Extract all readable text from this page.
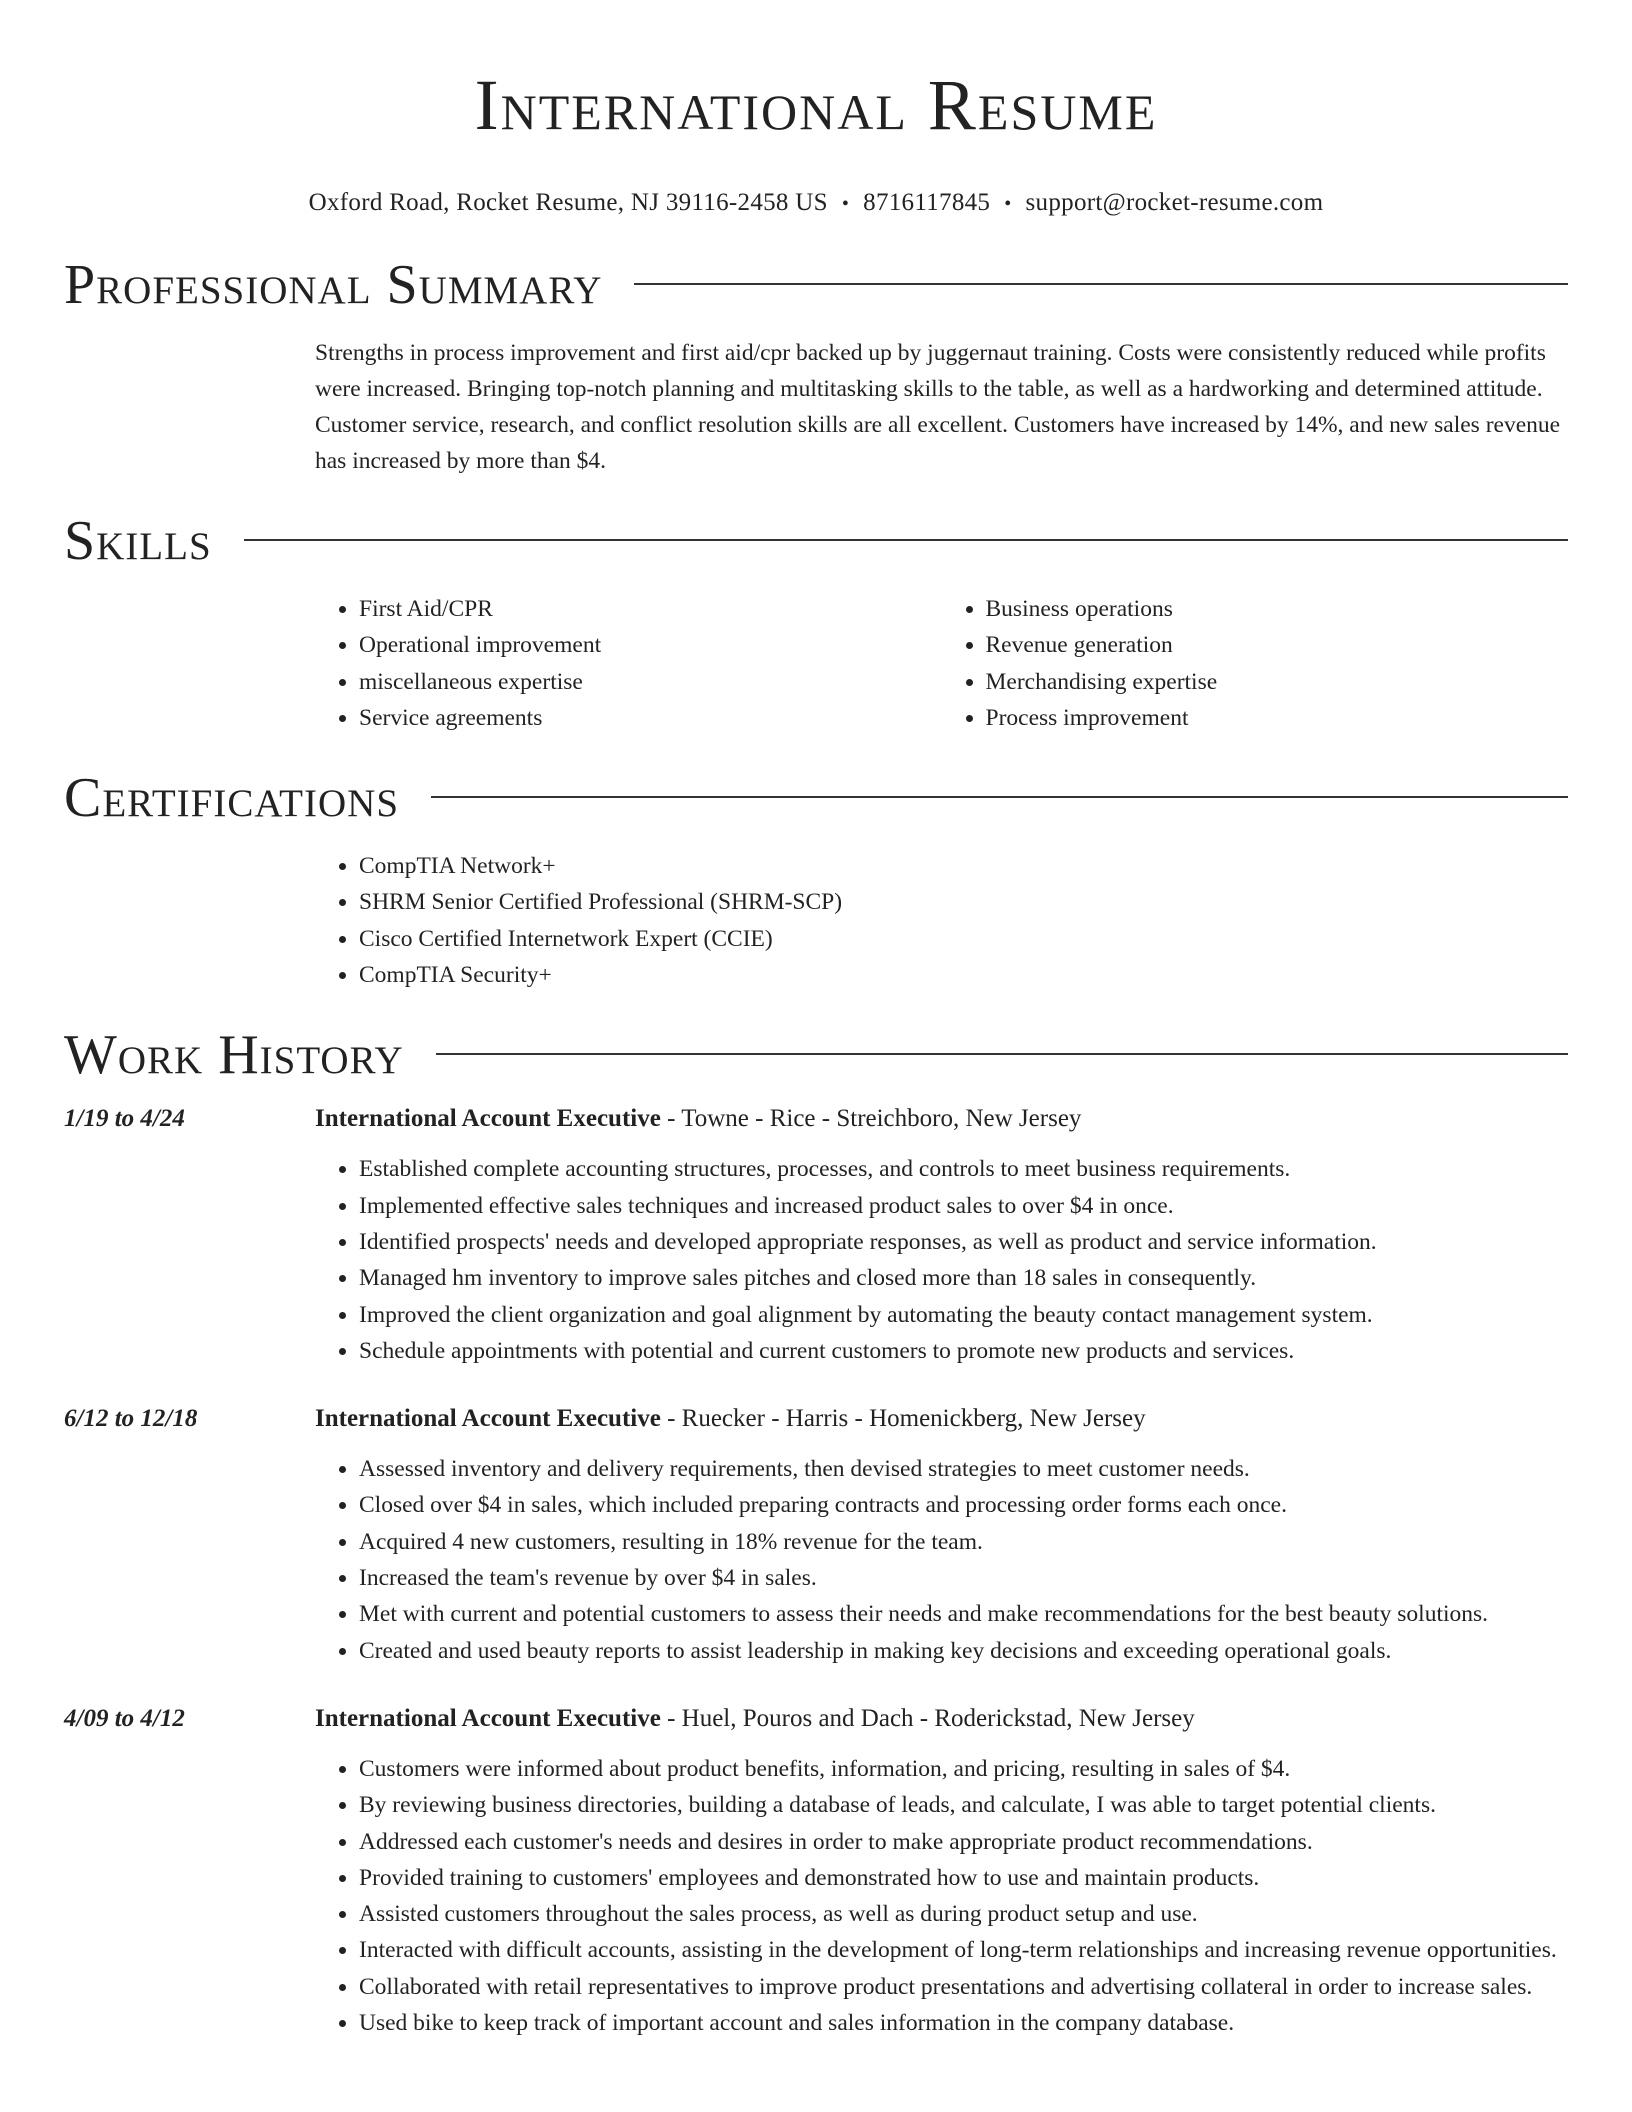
International Resume
Oxford Road, Rocket Resume, NJ 39116-2458 US • 8716117845 • support@rocket-resume.com
Professional Summary
Strengths in process improvement and first aid/cpr backed up by juggernaut training. Costs were consistently reduced while profits were increased. Bringing top-notch planning and multitasking skills to the table, as well as a hardworking and determined attitude. Customer service, research, and conflict resolution skills are all excellent. Customers have increased by 14%, and new sales revenue has increased by more than $4.
Skills
• First Aid/CPR
• Operational improvement
• miscellaneous expertise
• Service agreements
• Business operations
• Revenue generation
• Merchandising expertise
• Process improvement
Certifications
• CompTIA Network+
• SHRM Senior Certified Professional (SHRM-SCP)
• Cisco Certified Internetwork Expert (CCIE)
• CompTIA Security+
Work History
1/19 to 4/24	International Account Executive - Towne - Rice - Streichboro, New Jersey
• Established complete accounting structures, processes, and controls to meet business requirements.
• Implemented effective sales techniques and increased product sales to over $4 in once.
• Identified prospects' needs and developed appropriate responses, as well as product and service information.
• Managed hm inventory to improve sales pitches and closed more than 18 sales in consequently.
• Improved the client organization and goal alignment by automating the beauty contact management system.
• Schedule appointments with potential and current customers to promote new products and services.
6/12 to 12/18	International Account Executive - Ruecker - Harris - Homenickberg, New Jersey
• Assessed inventory and delivery requirements, then devised strategies to meet customer needs.
• Closed over $4 in sales, which included preparing contracts and processing order forms each once.
• Acquired 4 new customers, resulting in 18% revenue for the team.
• Increased the team's revenue by over $4 in sales.
• Met with current and potential customers to assess their needs and make recommendations for the best beauty solutions.
• Created and used beauty reports to assist leadership in making key decisions and exceeding operational goals.
4/09 to 4/12	International Account Executive - Huel, Pouros and Dach - Roderickstad, New Jersey
• Customers were informed about product benefits, information, and pricing, resulting in sales of $4.
• By reviewing business directories, building a database of leads, and calculate, I was able to target potential clients.
• Addressed each customer's needs and desires in order to make appropriate product recommendations.
• Provided training to customers' employees and demonstrated how to use and maintain products.
• Assisted customers throughout the sales process, as well as during product setup and use.
• Interacted with difficult accounts, assisting in the development of long-term relationships and increasing revenue opportunities.
• Collaborated with retail representatives to improve product presentations and advertising collateral in order to increase sales.
• Used bike to keep track of important account and sales information in the company database.
